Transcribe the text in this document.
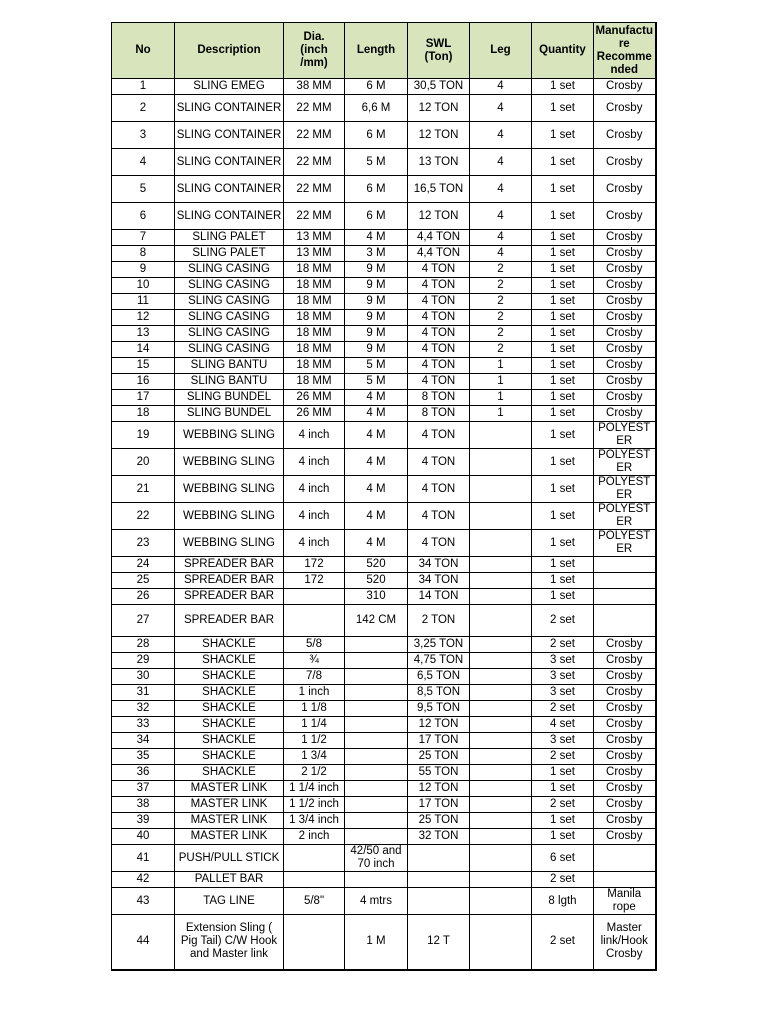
No	Description	Dia.
(inch
/mm)	Length	SWL
(Ton)	Leg	Quantity	Manufacture
Recommended
1	SLING EMEG	38 MM	6 M	30,5 TON	4	1 set	Crosby
2	SLING CONTAINER	22 MM	6,6 M	12 TON	4	1 set	Crosby
3	SLING CONTAINER	22 MM	6 M	12 TON	4	1 set	Crosby
4	SLING CONTAINER	22 MM	5 M	13 TON	4	1 set	Crosby
5	SLING CONTAINER	22 MM	6 M	16,5 TON	4	1 set	Crosby
6	SLING CONTAINER	22 MM	6 M	12 TON	4	1 set	Crosby
7	SLING PALET	13 MM	4 M	4,4 TON	4	1 set	Crosby
8	SLING PALET	13 MM	3 M	4,4 TON	4	1 set	Crosby
9	SLING CASING	18 MM	9 M	4 TON	2	1 set	Crosby
10	SLING CASING	18 MM	9 M	4 TON	2	1 set	Crosby
11	SLING CASING	18 MM	9 M	4 TON	2	1 set	Crosby
12	SLING CASING	18 MM	9 M	4 TON	2	1 set	Crosby
13	SLING CASING	18 MM	9 M	4 TON	2	1 set	Crosby
14	SLING CASING	18 MM	9 M	4 TON	2	1 set	Crosby
15	SLING BANTU	18 MM	5 M	4 TON	1	1 set	Crosby
16	SLING BANTU	18 MM	5 M	4 TON	1	1 set	Crosby
17	SLING BUNDEL	26 MM	4 M	8 TON	1	1 set	Crosby
18	SLING BUNDEL	26 MM	4 M	8 TON	1	1 set	Crosby
19	WEBBING SLING	4 inch	4 M	4 TON		1 set	POLYESTER
20	WEBBING SLING	4 inch	4 M	4 TON		1 set	POLYESTER
21	WEBBING SLING	4 inch	4 M	4 TON		1 set	POLYESTER
22	WEBBING SLING	4 inch	4 M	4 TON		1 set	POLYESTER
23	WEBBING SLING	4 inch	4 M	4 TON		1 set	POLYESTER
24	SPREADER BAR	172	520	34 TON		1 set	
25	SPREADER BAR	172	520	34 TON		1 set	
26	SPREADER BAR		310	14 TON		1 set	
27	SPREADER BAR		142 CM	2 TON		2 set	
28	SHACKLE	5/8		3,25 TON		2 set	Crosby
29	SHACKLE	¾		4,75 TON		3 set	Crosby
30	SHACKLE	7/8		6,5 TON		3 set	Crosby
31	SHACKLE	1 inch		8,5 TON		3 set	Crosby
32	SHACKLE	1 1/8		9,5 TON		2 set	Crosby
33	SHACKLE	1 1/4		12 TON		4 set	Crosby
34	SHACKLE	1 1/2		17 TON		3 set	Crosby
35	SHACKLE	1 3/4		25 TON		2 set	Crosby
36	SHACKLE	2 1/2		55 TON		1 set	Crosby
37	MASTER LINK	1 1/4 inch		12 TON		1 set	Crosby
38	MASTER LINK	1 1/2 inch		17 TON		2 set	Crosby
39	MASTER LINK	1 3/4 inch		25 TON		1 set	Crosby
40	MASTER LINK	2 inch		32 TON		1 set	Crosby
41	PUSH/PULL STICK		42/50 and 70 inch			6 set	
42	PALLET BAR					2 set	
43	TAG LINE	5/8"	4 mtrs			8 lgth	Manila rope
44	Extension Sling ( Pig Tail) C/W Hook and Master link		1 M	12 T		2 set	Master link/Hook Crosby
